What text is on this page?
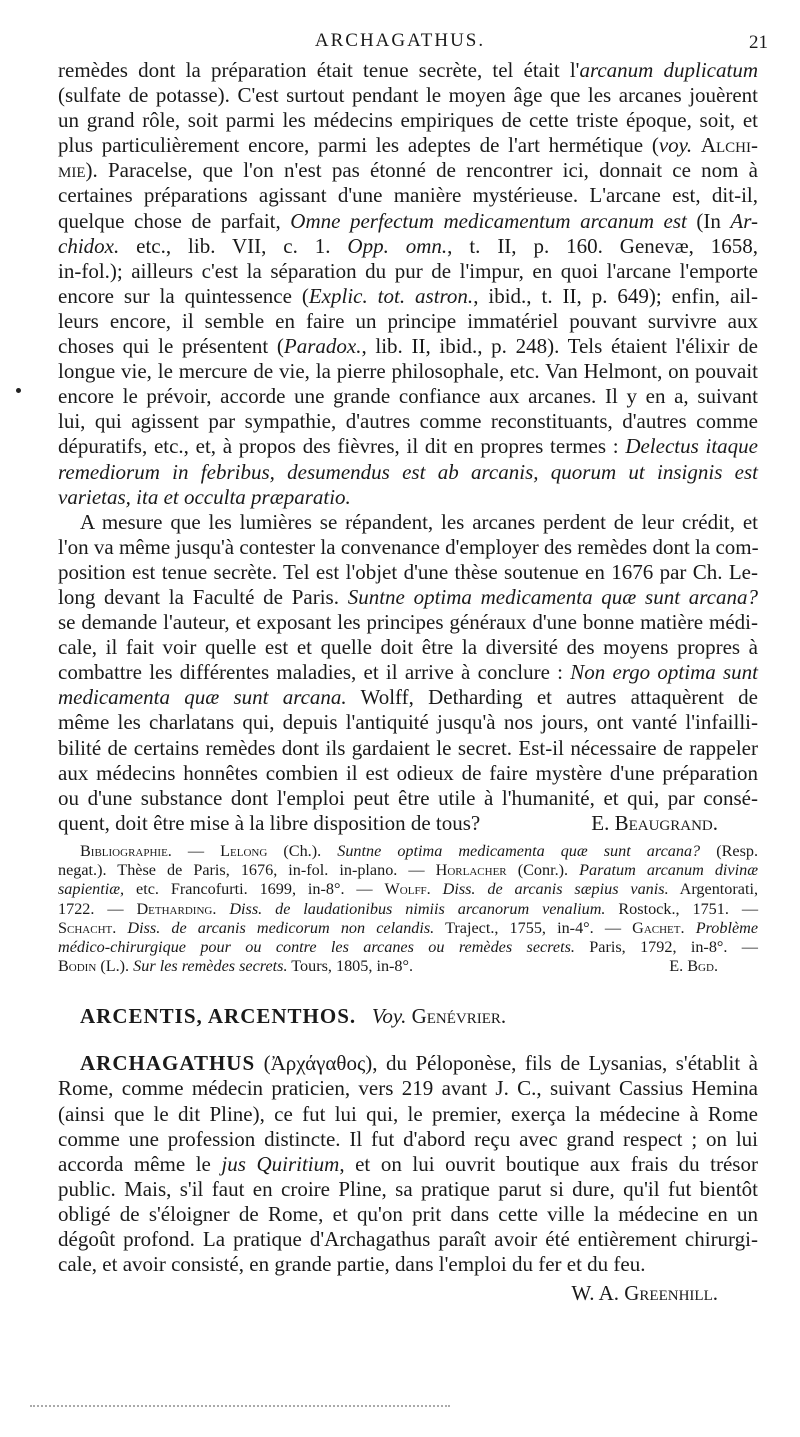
ARCHAGATHUS.	21
remèdes dont la préparation était tenue secrète, tel était l'arcanum duplicatum
(sulfate de potasse). C'est surtout pendant le moyen âge que les arcanes jouèrent
un grand rôle, soit parmi les médecins empiriques de cette triste époque, soit, et
plus particulièrement encore, parmi les adeptes de l'art hermétique (voy. Alchi-
mie). Paracelse, que l'on n'est pas étonné de rencontrer ici, donnait ce nom à
certaines préparations agissant d'une manière mystérieuse. L'arcane est, dit-il,
quelque chose de parfait, Omne perfectum medicamentum arcanum est (In Ar-
chidox. etc., lib. VII, c. 1. Opp. omn., t. II, p. 160. Genevæ, 1658,
in-fol.); ailleurs c'est la séparation du pur de l'impur, en quoi l'arcane l'emporte
encore sur la quintessence (Explic. tot. astron., ibid., t. II, p. 649); enfin, ail-
leurs encore, il semble en faire un principe immatériel pouvant survivre aux
choses qui le présentent (Paradox., lib. II, ibid., p. 248). Tels étaient l'élixir de
longue vie, le mercure de vie, la pierre philosophale, etc. Van Helmont, on pouvait
encore le prévoir, accorde une grande confiance aux arcanes. Il y en a, suivant
lui, qui agissent par sympathie, d'autres comme reconstituants, d'autres comme
dépuratifs, etc., et, à propos des fièvres, il dit en propres termes : Delectus itaque
remediorum in febribus, desumendus est ab arcanis, quorum ut insignis est
varietas, ita et occulta præparatio.
A mesure que les lumières se répandent, les arcanes perdent de leur crédit, et
l'on va même jusqu'à contester la convenance d'employer des remèdes dont la com-
position est tenue secrète. Tel est l'objet d'une thèse soutenue en 1676 par Ch. Le-
long devant la Faculté de Paris. Suntne optima medicamenta quæ sunt arcana?
se demande l'auteur, et exposant les principes généraux d'une bonne matière médi-
cale, il fait voir quelle est et quelle doit être la diversité des moyens propres à
combattre les différentes maladies, et il arrive à conclure : Non ergo optima sunt
medicamenta quæ sunt arcana. Wolff, Detharding et autres attaquèrent de
même les charlatans qui, depuis l'antiquité jusqu'à nos jours, ont vanté l'infailli-
bilité de certains remèdes dont ils gardaient le secret. Est-il nécessaire de rappeler
aux médecins honnêtes combien il est odieux de faire mystère d'une préparation
ou d'une substance dont l'emploi peut être utile à l'humanité, et qui, par consé-
quent, doit être mise à la libre disposition de tous?	E. Beaugrand.
Bibliographie. — Lelong (Ch.). Suntne optima medicamenta quæ sunt arcana? (Resp.
negat.). Thèse de Paris, 1676, in-fol. in-plano. — Horlacher (Conr.). Paratum arcanum divinæ
sapientiæ, etc. Francofurti. 1699, in-8°. — Wolff. Diss. de arcanis sæpius vanis. Argentorati,
1722. — Detharding. Diss. de laudationibus nimiis arcanorum venalium. Rostock., 1751. —
Schacht. Diss. de arcanis medicorum non celandis. Traject., 1755, in-4°. — Gachet. Problème
médico-chirurgique pour ou contre les arcanes ou remèdes secrets. Paris, 1792, in-8°. —
Bodin (L.). Sur les remèdes secrets. Tours, 1805, in-8°.	E. Bgd.
ARCENTIS, ARCENTHOS. Voy. Genévrier.
ARCHAGATHUS (Ἀρχάγαθος), du Péloponèse, fils de Lysanias, s'établit à
Rome, comme médecin praticien, vers 219 avant J. C., suivant Cassius Hemina
(ainsi que le dit Pline), ce fut lui qui, le premier, exerça la médecine à Rome
comme une profession distincte. Il fut d'abord reçu avec grand respect ; on lui
accorda même le jus Quiritium, et on lui ouvrit boutique aux frais du trésor
public. Mais, s'il faut en croire Pline, sa pratique parut si dure, qu'il fut bientôt
obligé de s'éloigner de Rome, et qu'on prit dans cette ville la médecine en un
dégoût profond. La pratique d'Archagathus paraît avoir été entièrement chirurgi-
cale, et avoir consisté, en grande partie, dans l'emploi du fer et du feu.
W. A. Greenhill.
